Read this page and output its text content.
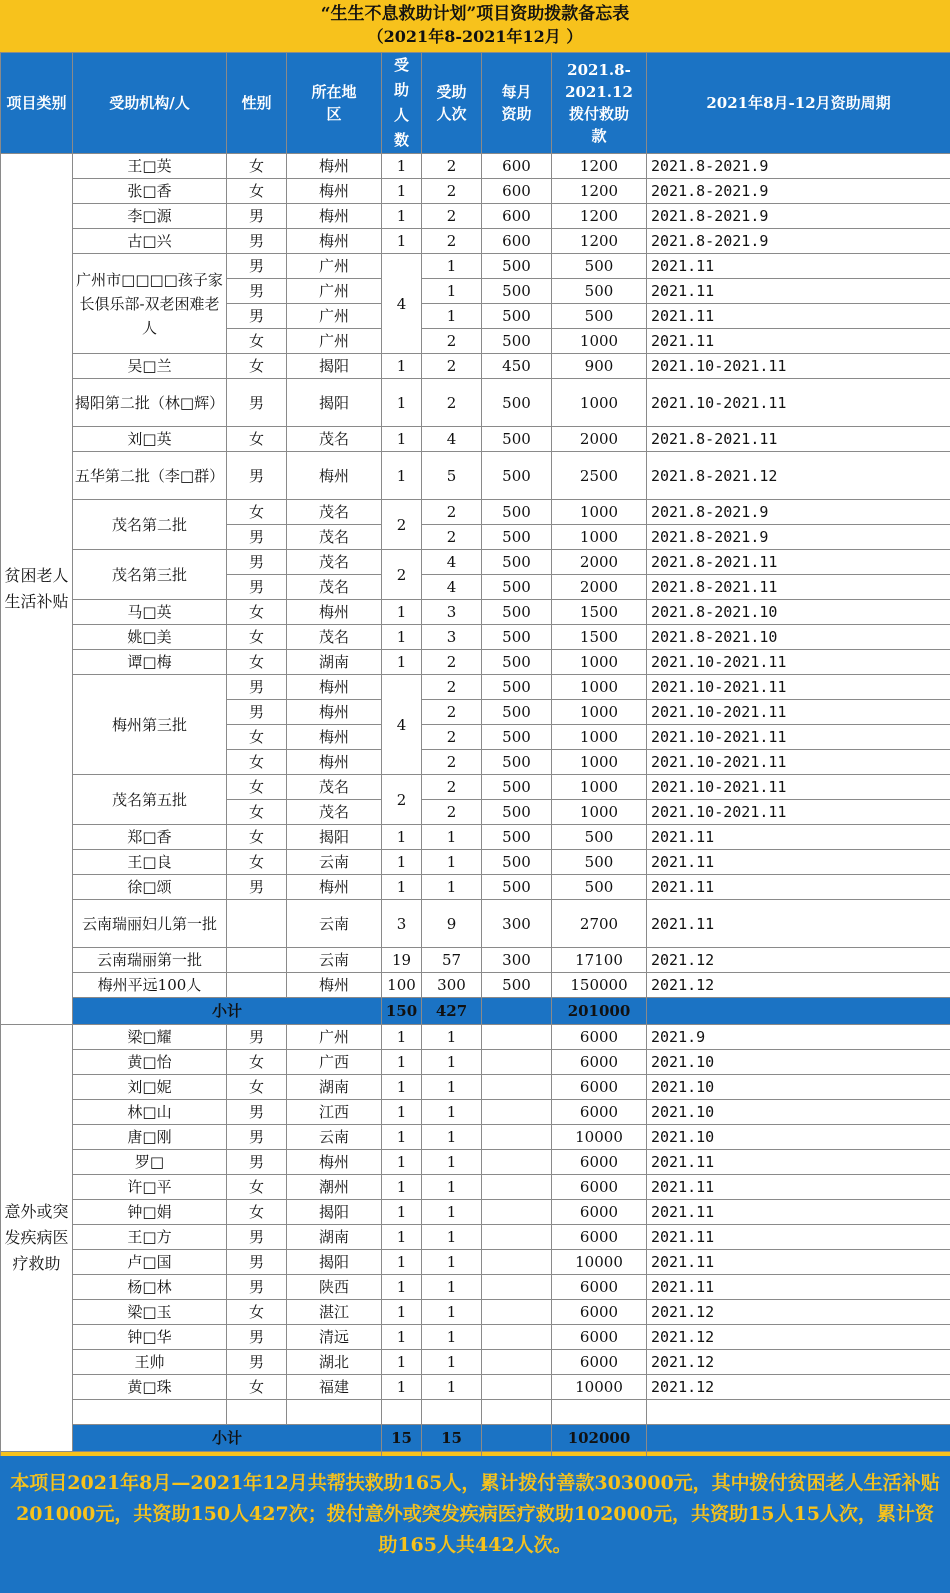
“生生不息救助计划”项目资助拨款备忘表
（2021年8-2021年12月 ）
项目类别	受助机构/人	性别	所在地区	受助人数	受助人次	每月资助	2021.8-2021.12拨付救助款	2021年8月-12月资助周期
贫困老人生活补贴	王□英	女	梅州	1	2	600	1200	2021.8-2021.9
	张□香	女	梅州	1	2	600	1200	2021.8-2021.9
	李□源	男	梅州	1	2	600	1200	2021.8-2021.9
	古□兴	男	梅州	1	2	600	1200	2021.8-2021.9
	广州市□□□□孩子家长俱乐部-双老困难老人	男	广州	4	1	500	500	2021.11
		男	广州		1	500	500	2021.11
		男	广州		1	500	500	2021.11
		女	广州		2	500	1000	2021.11
	吴□兰	女	揭阳	1	2	450	900	2021.10-2021.11
	揭阳第二批（林□辉）	男	揭阳	1	2	500	1000	2021.10-2021.11
	刘□英	女	茂名	1	4	500	2000	2021.8-2021.11
	五华第二批（李□群）	男	梅州	1	5	500	2500	2021.8-2021.12
	茂名第二批	女	茂名	2	2	500	1000	2021.8-2021.9
		男	茂名		2	500	1000	2021.8-2021.9
	茂名第三批	男	茂名	2	4	500	2000	2021.8-2021.11
		男	茂名		4	500	2000	2021.8-2021.11
	马□英	女	梅州	1	3	500	1500	2021.8-2021.10
	姚□美	女	茂名	1	3	500	1500	2021.8-2021.10
	谭□梅	女	湖南	1	2	500	1000	2021.10-2021.11
	梅州第三批	男	梅州	4	2	500	1000	2021.10-2021.11
		男	梅州		2	500	1000	2021.10-2021.11
		女	梅州		2	500	1000	2021.10-2021.11
		女	梅州		2	500	1000	2021.10-2021.11
	茂名第五批	女	茂名	2	2	500	1000	2021.10-2021.11
		女	茂名		2	500	1000	2021.10-2021.11
	郑□香	女	揭阳	1	1	500	500	2021.11
	王□良	女	云南	1	1	500	500	2021.11
	徐□颂	男	梅州	1	1	500	500	2021.11
	云南瑞丽妇儿第一批		云南	3	9	300	2700	2021.11
	云南瑞丽第一批		云南	19	57	300	17100	2021.12
	梅州平远100人		梅州	100	300	500	150000	2021.12
	小计			150	427		201000	
意外或突发疾病医疗救助	梁□耀	男	广州	1	1		6000	2021.9
	黄□怡	女	广西	1	1		6000	2021.10
	刘□妮	女	湖南	1	1		6000	2021.10
	林□山	男	江西	1	1		6000	2021.10
	唐□刚	男	云南	1	1		10000	2021.10
	罗□	男	梅州	1	1		6000	2021.11
	许□平	女	潮州	1	1		6000	2021.11
	钟□娟	女	揭阳	1	1		6000	2021.11
	王□方	男	湖南	1	1		6000	2021.11
	卢□国	男	揭阳	1	1		10000	2021.11
	杨□林	男	陕西	1	1		6000	2021.11
	梁□玉	女	湛江	1	1		6000	2021.12
	钟□华	男	清远	1	1		6000	2021.12
	王帅	男	湖北	1	1		6000	2021.12
	黄□珠	女	福建	1	1		10000	2021.12

	小计			15	15		102000	

本项目2021年8月—2021年12月共帮扶救助165人，累计拨付善款303000元，其中拨付贫困老人生活补贴201000元，共资助150人427次；拨付意外或突发疾病医疗救助102000元，共资助15人15人次，累计资助165人共442人次。
